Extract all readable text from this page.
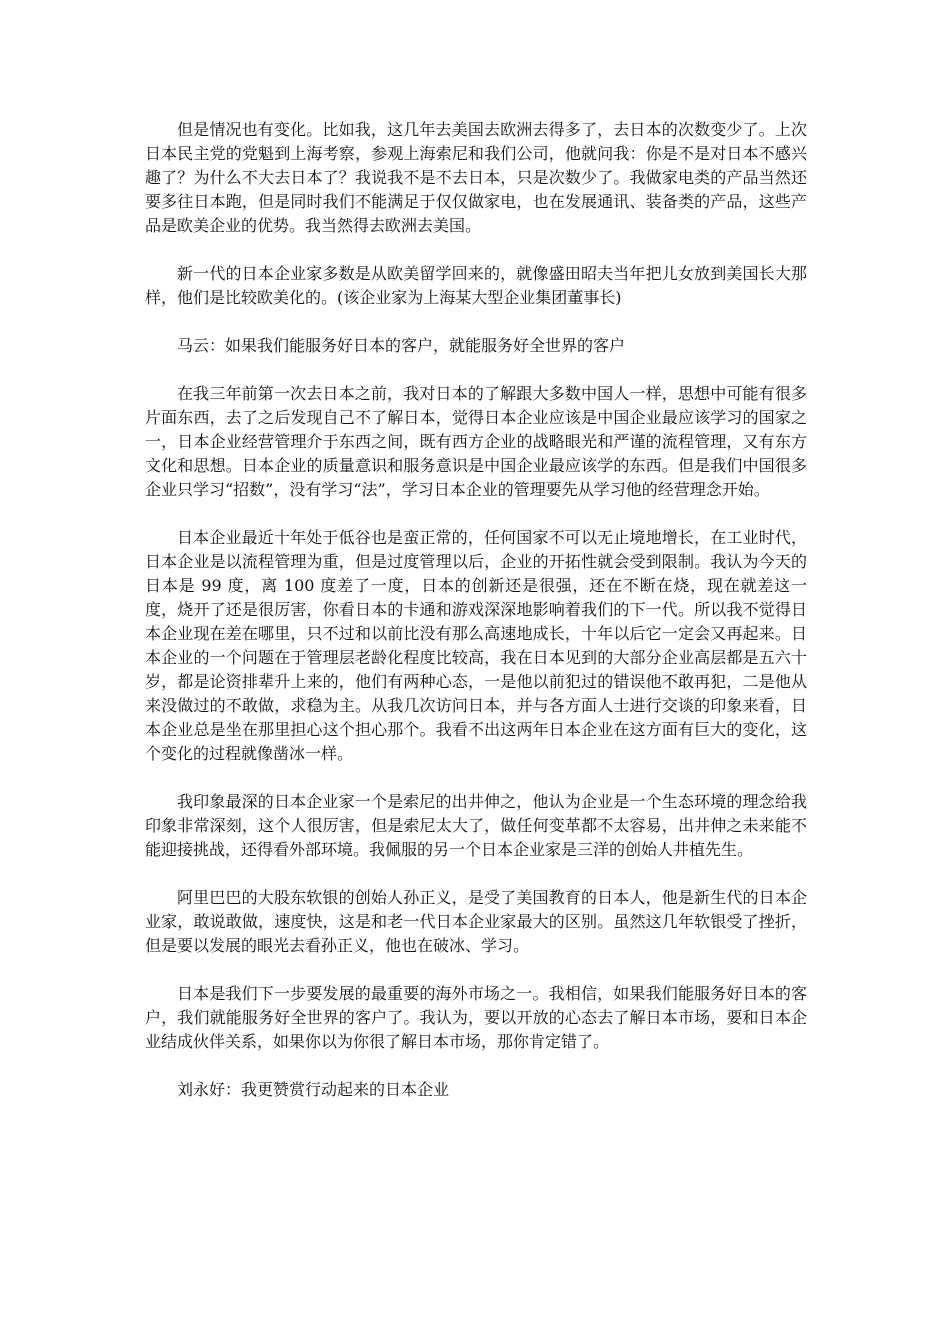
但是情况也有变化。比如我，这几年去美国去欧洲去得多了，去日本的次数变少了。上次日本民主党的党魁到上海考察，参观上海索尼和我们公司，他就问我：你是不是对日本不感兴趣了？为什么不大去日本了？我说我不是不去日本，只是次数少了。我做家电类的产品当然还要多往日本跑，但是同时我们不能满足于仅仅做家电，也在发展通讯、装备类的产品，这些产品是欧美企业的优势。我当然得去欧洲去美国。

新一代的日本企业家多数是从欧美留学回来的，就像盛田昭夫当年把儿女放到美国长大那样，他们是比较欧美化的。(该企业家为上海某大型企业集团董事长)

马云：如果我们能服务好日本的客户，就能服务好全世界的客户

在我三年前第一次去日本之前，我对日本的了解跟大多数中国人一样，思想中可能有很多片面东西，去了之后发现自己不了解日本，觉得日本企业应该是中国企业最应该学习的国家之一，日本企业经营管理介于东西之间，既有西方企业的战略眼光和严谨的流程管理，又有东方文化和思想。日本企业的质量意识和服务意识是中国企业最应该学的东西。但是我们中国很多企业只学习“招数”，没有学习“法”，学习日本企业的管理要先从学习他的经营理念开始。

日本企业最近十年处于低谷也是蛮正常的，任何国家不可以无止境地增长，在工业时代，日本企业是以流程管理为重，但是过度管理以后，企业的开拓性就会受到限制。我认为今天的日本是 99 度，离 100 度差了一度，日本的创新还是很强，还在不断在烧，现在就差这一度，烧开了还是很厉害，你看日本的卡通和游戏深深地影响着我们的下一代。所以我不觉得日本企业现在差在哪里，只不过和以前比没有那么高速地成长，十年以后它一定会又再起来。日本企业的一个问题在于管理层老龄化程度比较高，我在日本见到的大部分企业高层都是五六十岁，都是论资排辈升上来的，他们有两种心态，一是他以前犯过的错误他不敢再犯，二是他从来没做过的不敢做，求稳为主。从我几次访问日本，并与各方面人士进行交谈的印象来看，日本企业总是坐在那里担心这个担心那个。我看不出这两年日本企业在这方面有巨大的变化，这个变化的过程就像凿冰一样。

我印象最深的日本企业家一个是索尼的出井伸之，他认为企业是一个生态环境的理念给我印象非常深刻，这个人很厉害，但是索尼太大了，做任何变革都不太容易，出井伸之未来能不能迎接挑战，还得看外部环境。我佩服的另一个日本企业家是三洋的创始人井植先生。

阿里巴巴的大股东软银的创始人孙正义，是受了美国教育的日本人，他是新生代的日本企业家，敢说敢做，速度快，这是和老一代日本企业家最大的区别。虽然这几年软银受了挫折，但是要以发展的眼光去看孙正义，他也在破冰、学习。

日本是我们下一步要发展的最重要的海外市场之一。我相信，如果我们能服务好日本的客户，我们就能服务好全世界的客户了。我认为，要以开放的心态去了解日本市场，要和日本企业结成伙伴关系，如果你以为你很了解日本市场，那你肯定错了。

刘永好：我更赞赏行动起来的日本企业
